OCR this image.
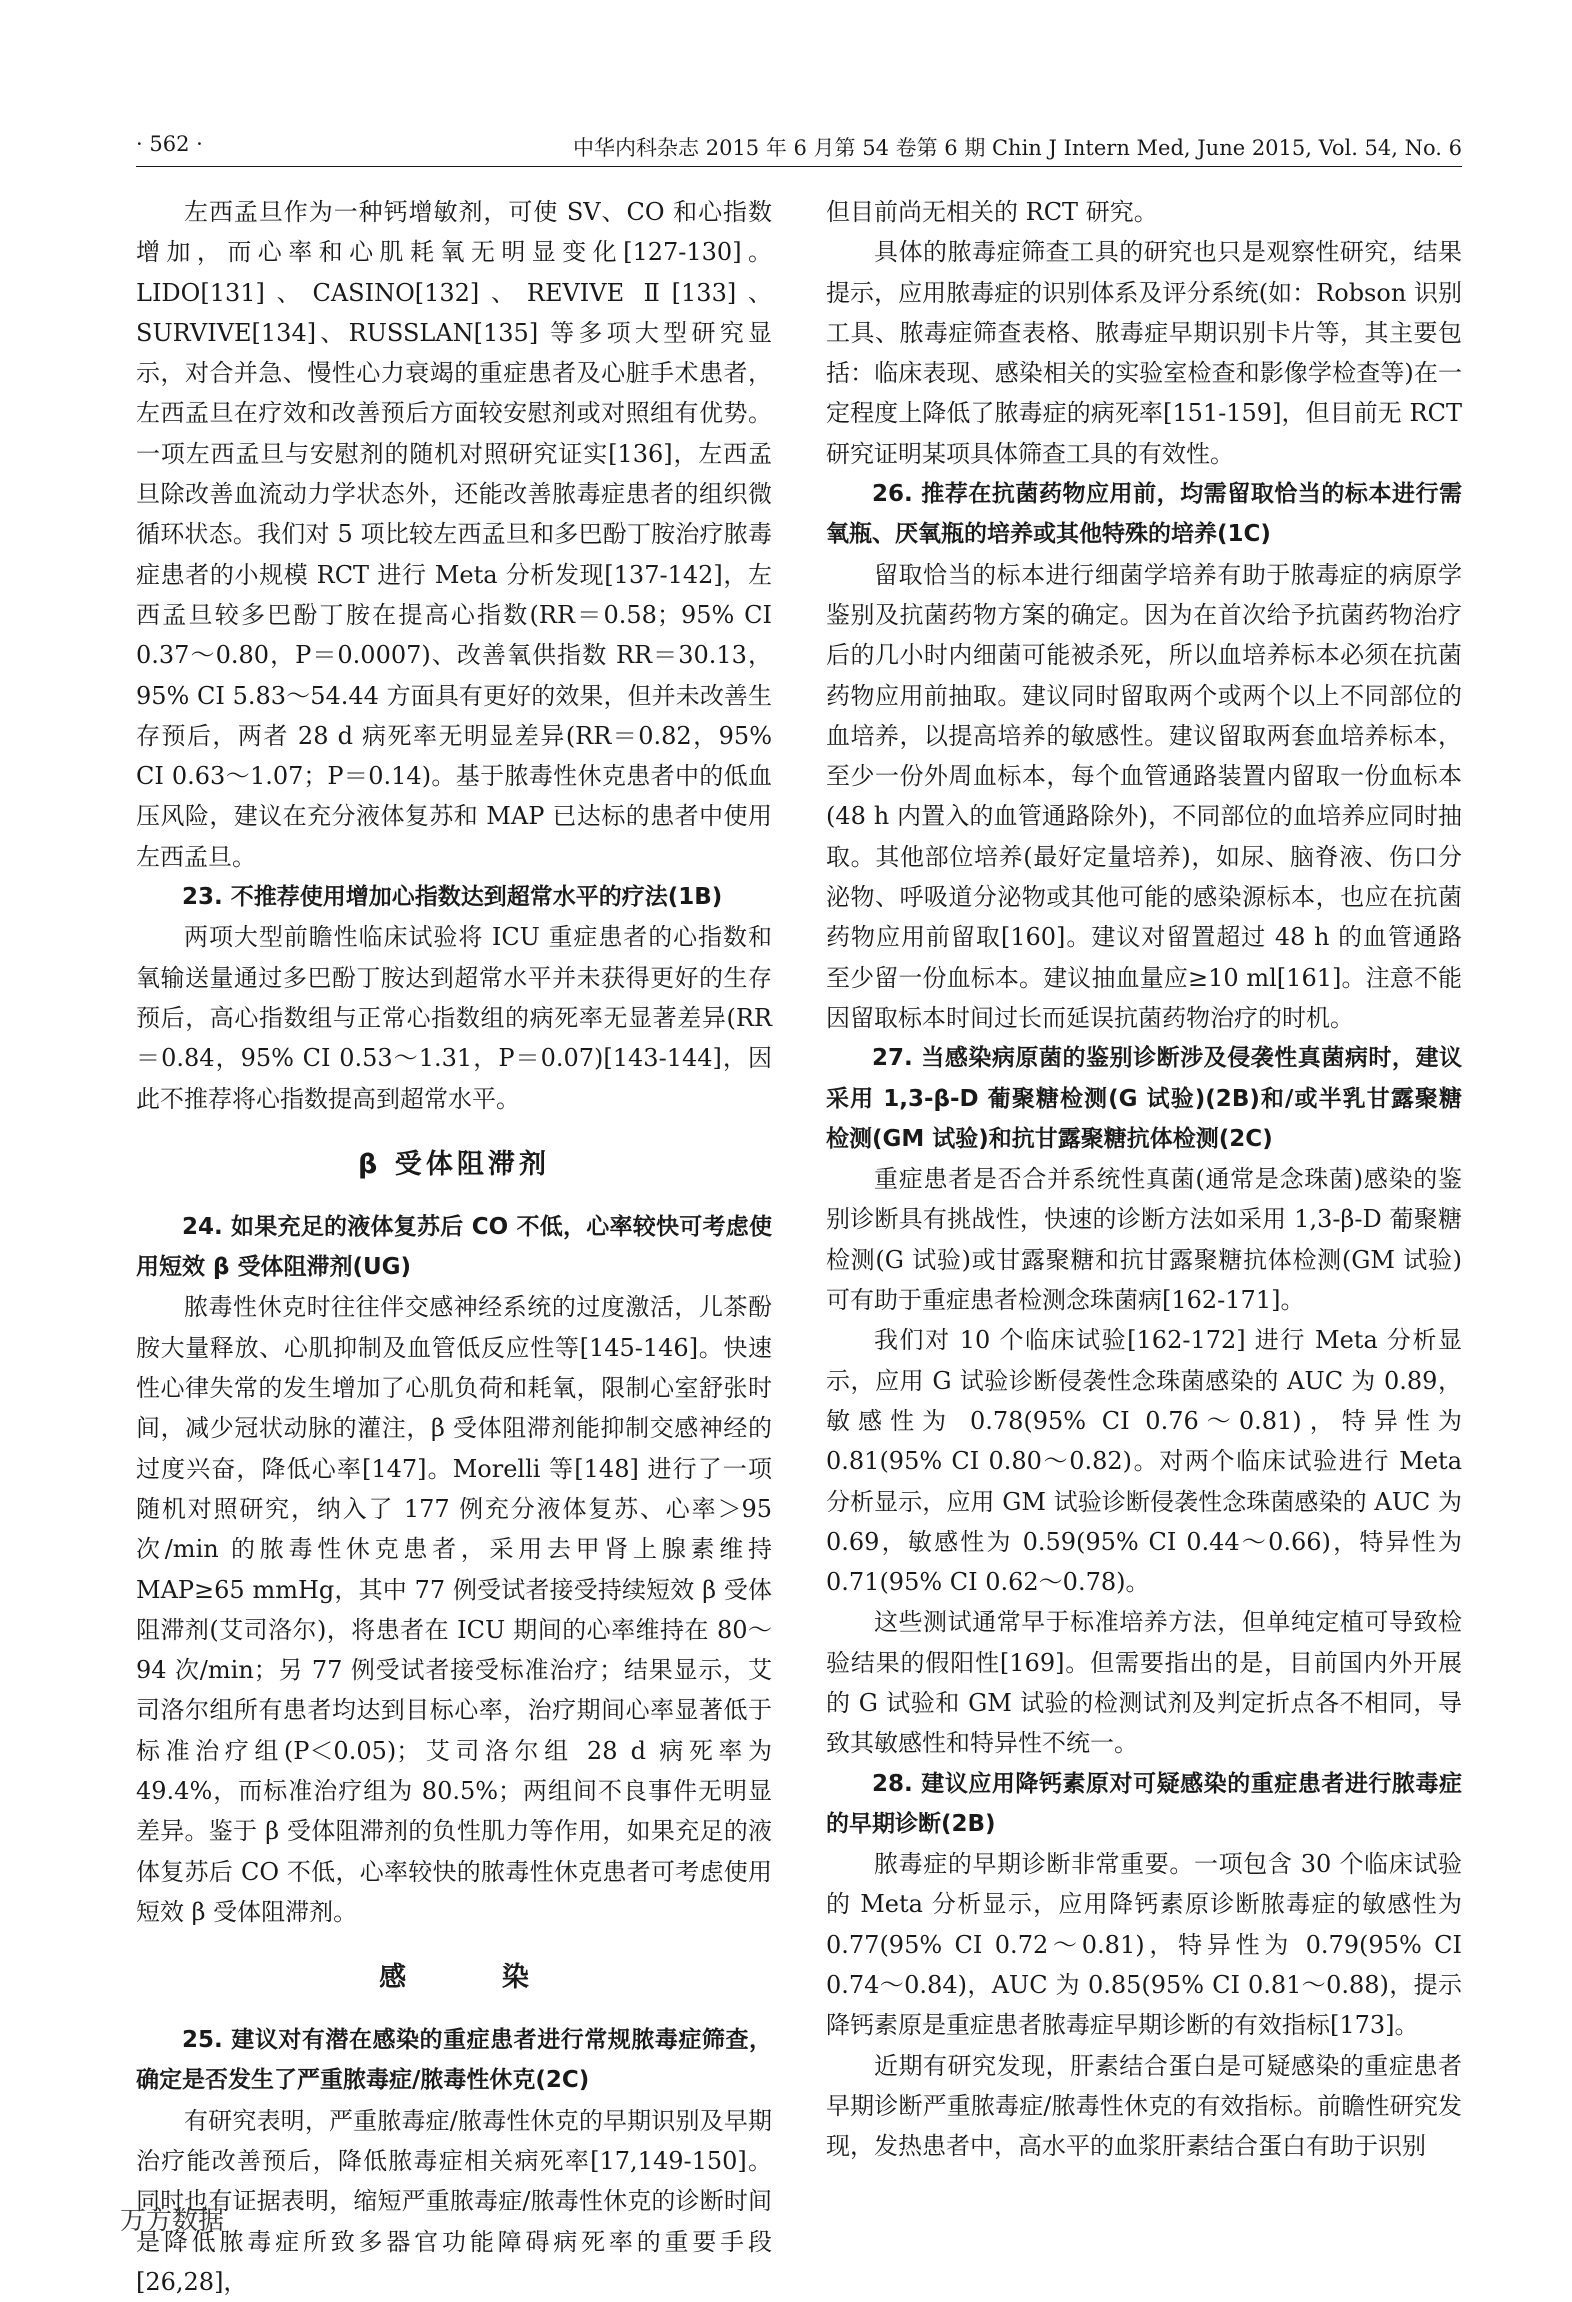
· 562 ·	中华内科杂志 2015 年 6 月第 54 卷第 6 期 Chin J Intern Med, June 2015, Vol. 54, No. 6

左西孟旦作为一种钙增敏剂，可使 SV、CO 和心指数增加，而心率和心肌耗氧无明显变化[127-130]。LIDO[131]、CASINO[132]、REVIVE Ⅱ[133]、SURVIVE[134]、RUSSLAN[135] 等多项大型研究显示，对合并急、慢性心力衰竭的重症患者及心脏手术患者，左西孟旦在疗效和改善预后方面较安慰剂或对照组有优势。一项左西孟旦与安慰剂的随机对照研究证实[136]，左西孟旦除改善血流动力学状态外，还能改善脓毒症患者的组织微循环状态。我们对 5 项比较左西孟旦和多巴酚丁胺治疗脓毒症患者的小规模 RCT 进行 Meta 分析发现[137-142]，左西孟旦较多巴酚丁胺在提高心指数(RR＝0.58；95% CI 0.37～0.80，P＝0.0007)、改善氧供指数 RR＝30.13，95% CI 5.83～54.44 方面具有更好的效果，但并未改善生存预后，两者 28 d 病死率无明显差异(RR＝0.82，95% CI 0.63～1.07；P＝0.14)。基于脓毒性休克患者中的低血压风险，建议在充分液体复苏和 MAP 已达标的患者中使用左西孟旦。

23. 不推荐使用增加心指数达到超常水平的疗法(1B)

两项大型前瞻性临床试验将 ICU 重症患者的心指数和氧输送量通过多巴酚丁胺达到超常水平并未获得更好的生存预后，高心指数组与正常心指数组的病死率无显著差异(RR＝0.84，95% CI 0.53～1.31，P＝0.07)[143-144]，因此不推荐将心指数提高到超常水平。

β 受体阻滞剂

24. 如果充足的液体复苏后 CO 不低，心率较快可考虑使用短效 β 受体阻滞剂(UG)

脓毒性休克时往往伴交感神经系统的过度激活，儿茶酚胺大量释放、心肌抑制及血管低反应性等[145-146]。快速性心律失常的发生增加了心肌负荷和耗氧，限制心室舒张时间，减少冠状动脉的灌注，β 受体阻滞剂能抑制交感神经的过度兴奋，降低心率[147]。Morelli 等[148] 进行了一项随机对照研究，纳入了 177 例充分液体复苏、心率＞95 次/min 的脓毒性休克患者，采用去甲肾上腺素维持 MAP≥65 mmHg，其中 77 例受试者接受持续短效 β 受体阻滞剂(艾司洛尔)，将患者在 ICU 期间的心率维持在 80～94 次/min；另 77 例受试者接受标准治疗；结果显示，艾司洛尔组所有患者均达到目标心率，治疗期间心率显著低于标准治疗组(P＜0.05)；艾司洛尔组 28 d 病死率为 49.4%，而标准治疗组为 80.5%；两组间不良事件无明显差异。鉴于 β 受体阻滞剂的负性肌力等作用，如果充足的液体复苏后 CO 不低，心率较快的脓毒性休克患者可考虑使用短效 β 受体阻滞剂。

感 染

25. 建议对有潜在感染的重症患者进行常规脓毒症筛查，确定是否发生了严重脓毒症/脓毒性休克(2C)

有研究表明，严重脓毒症/脓毒性休克的早期识别及早期治疗能改善预后，降低脓毒症相关病死率[17,149-150]。同时也有证据表明，缩短严重脓毒症/脓毒性休克的诊断时间是降低脓毒症所致多器官功能障碍病死率的重要手段[26,28]，

但目前尚无相关的 RCT 研究。

具体的脓毒症筛查工具的研究也只是观察性研究，结果提示，应用脓毒症的识别体系及评分系统(如：Robson 识别工具、脓毒症筛查表格、脓毒症早期识别卡片等，其主要包括：临床表现、感染相关的实验室检查和影像学检查等)在一定程度上降低了脓毒症的病死率[151-159]，但目前无 RCT 研究证明某项具体筛查工具的有效性。

26. 推荐在抗菌药物应用前，均需留取恰当的标本进行需氧瓶、厌氧瓶的培养或其他特殊的培养(1C)

留取恰当的标本进行细菌学培养有助于脓毒症的病原学鉴别及抗菌药物方案的确定。因为在首次给予抗菌药物治疗后的几小时内细菌可能被杀死，所以血培养标本必须在抗菌药物应用前抽取。建议同时留取两个或两个以上不同部位的血培养，以提高培养的敏感性。建议留取两套血培养标本，至少一份外周血标本，每个血管通路装置内留取一份血标本(48 h 内置入的血管通路除外)，不同部位的血培养应同时抽取。其他部位培养(最好定量培养)，如尿、脑脊液、伤口分泌物、呼吸道分泌物或其他可能的感染源标本，也应在抗菌药物应用前留取[160]。建议对留置超过 48 h 的血管通路至少留一份血标本。建议抽血量应≥10 ml[161]。注意不能因留取标本时间过长而延误抗菌药物治疗的时机。

27. 当感染病原菌的鉴别诊断涉及侵袭性真菌病时，建议采用 1,3-β-D 葡聚糖检测(G 试验)(2B)和/或半乳甘露聚糖检测(GM 试验)和抗甘露聚糖抗体检测(2C)

重症患者是否合并系统性真菌(通常是念珠菌)感染的鉴别诊断具有挑战性，快速的诊断方法如采用 1,3-β-D 葡聚糖检测(G 试验)或甘露聚糖和抗甘露聚糖抗体检测(GM 试验)可有助于重症患者检测念珠菌病[162-171]。

我们对 10 个临床试验[162-172] 进行 Meta 分析显示，应用 G 试验诊断侵袭性念珠菌感染的 AUC 为 0.89，敏感性为 0.78(95% CI 0.76～0.81)，特异性为 0.81(95% CI 0.80～0.82)。对两个临床试验进行 Meta 分析显示，应用 GM 试验诊断侵袭性念珠菌感染的 AUC 为 0.69，敏感性为 0.59(95% CI 0.44～0.66)，特异性为 0.71(95% CI 0.62～0.78)。

这些测试通常早于标准培养方法，但单纯定植可导致检验结果的假阳性[169]。但需要指出的是，目前国内外开展的 G 试验和 GM 试验的检测试剂及判定折点各不相同，导致其敏感性和特异性不统一。

28. 建议应用降钙素原对可疑感染的重症患者进行脓毒症的早期诊断(2B)

脓毒症的早期诊断非常重要。一项包含 30 个临床试验的 Meta 分析显示，应用降钙素原诊断脓毒症的敏感性为 0.77(95% CI 0.72～0.81)，特异性为 0.79(95% CI 0.74～0.84)，AUC 为 0.85(95% CI 0.81～0.88)，提示降钙素原是重症患者脓毒症早期诊断的有效指标[173]。

近期有研究发现，肝素结合蛋白是可疑感染的重症患者早期诊断严重脓毒症/脓毒性休克的有效指标。前瞻性研究发现，发热患者中，高水平的血浆肝素结合蛋白有助于识别

万方数据
